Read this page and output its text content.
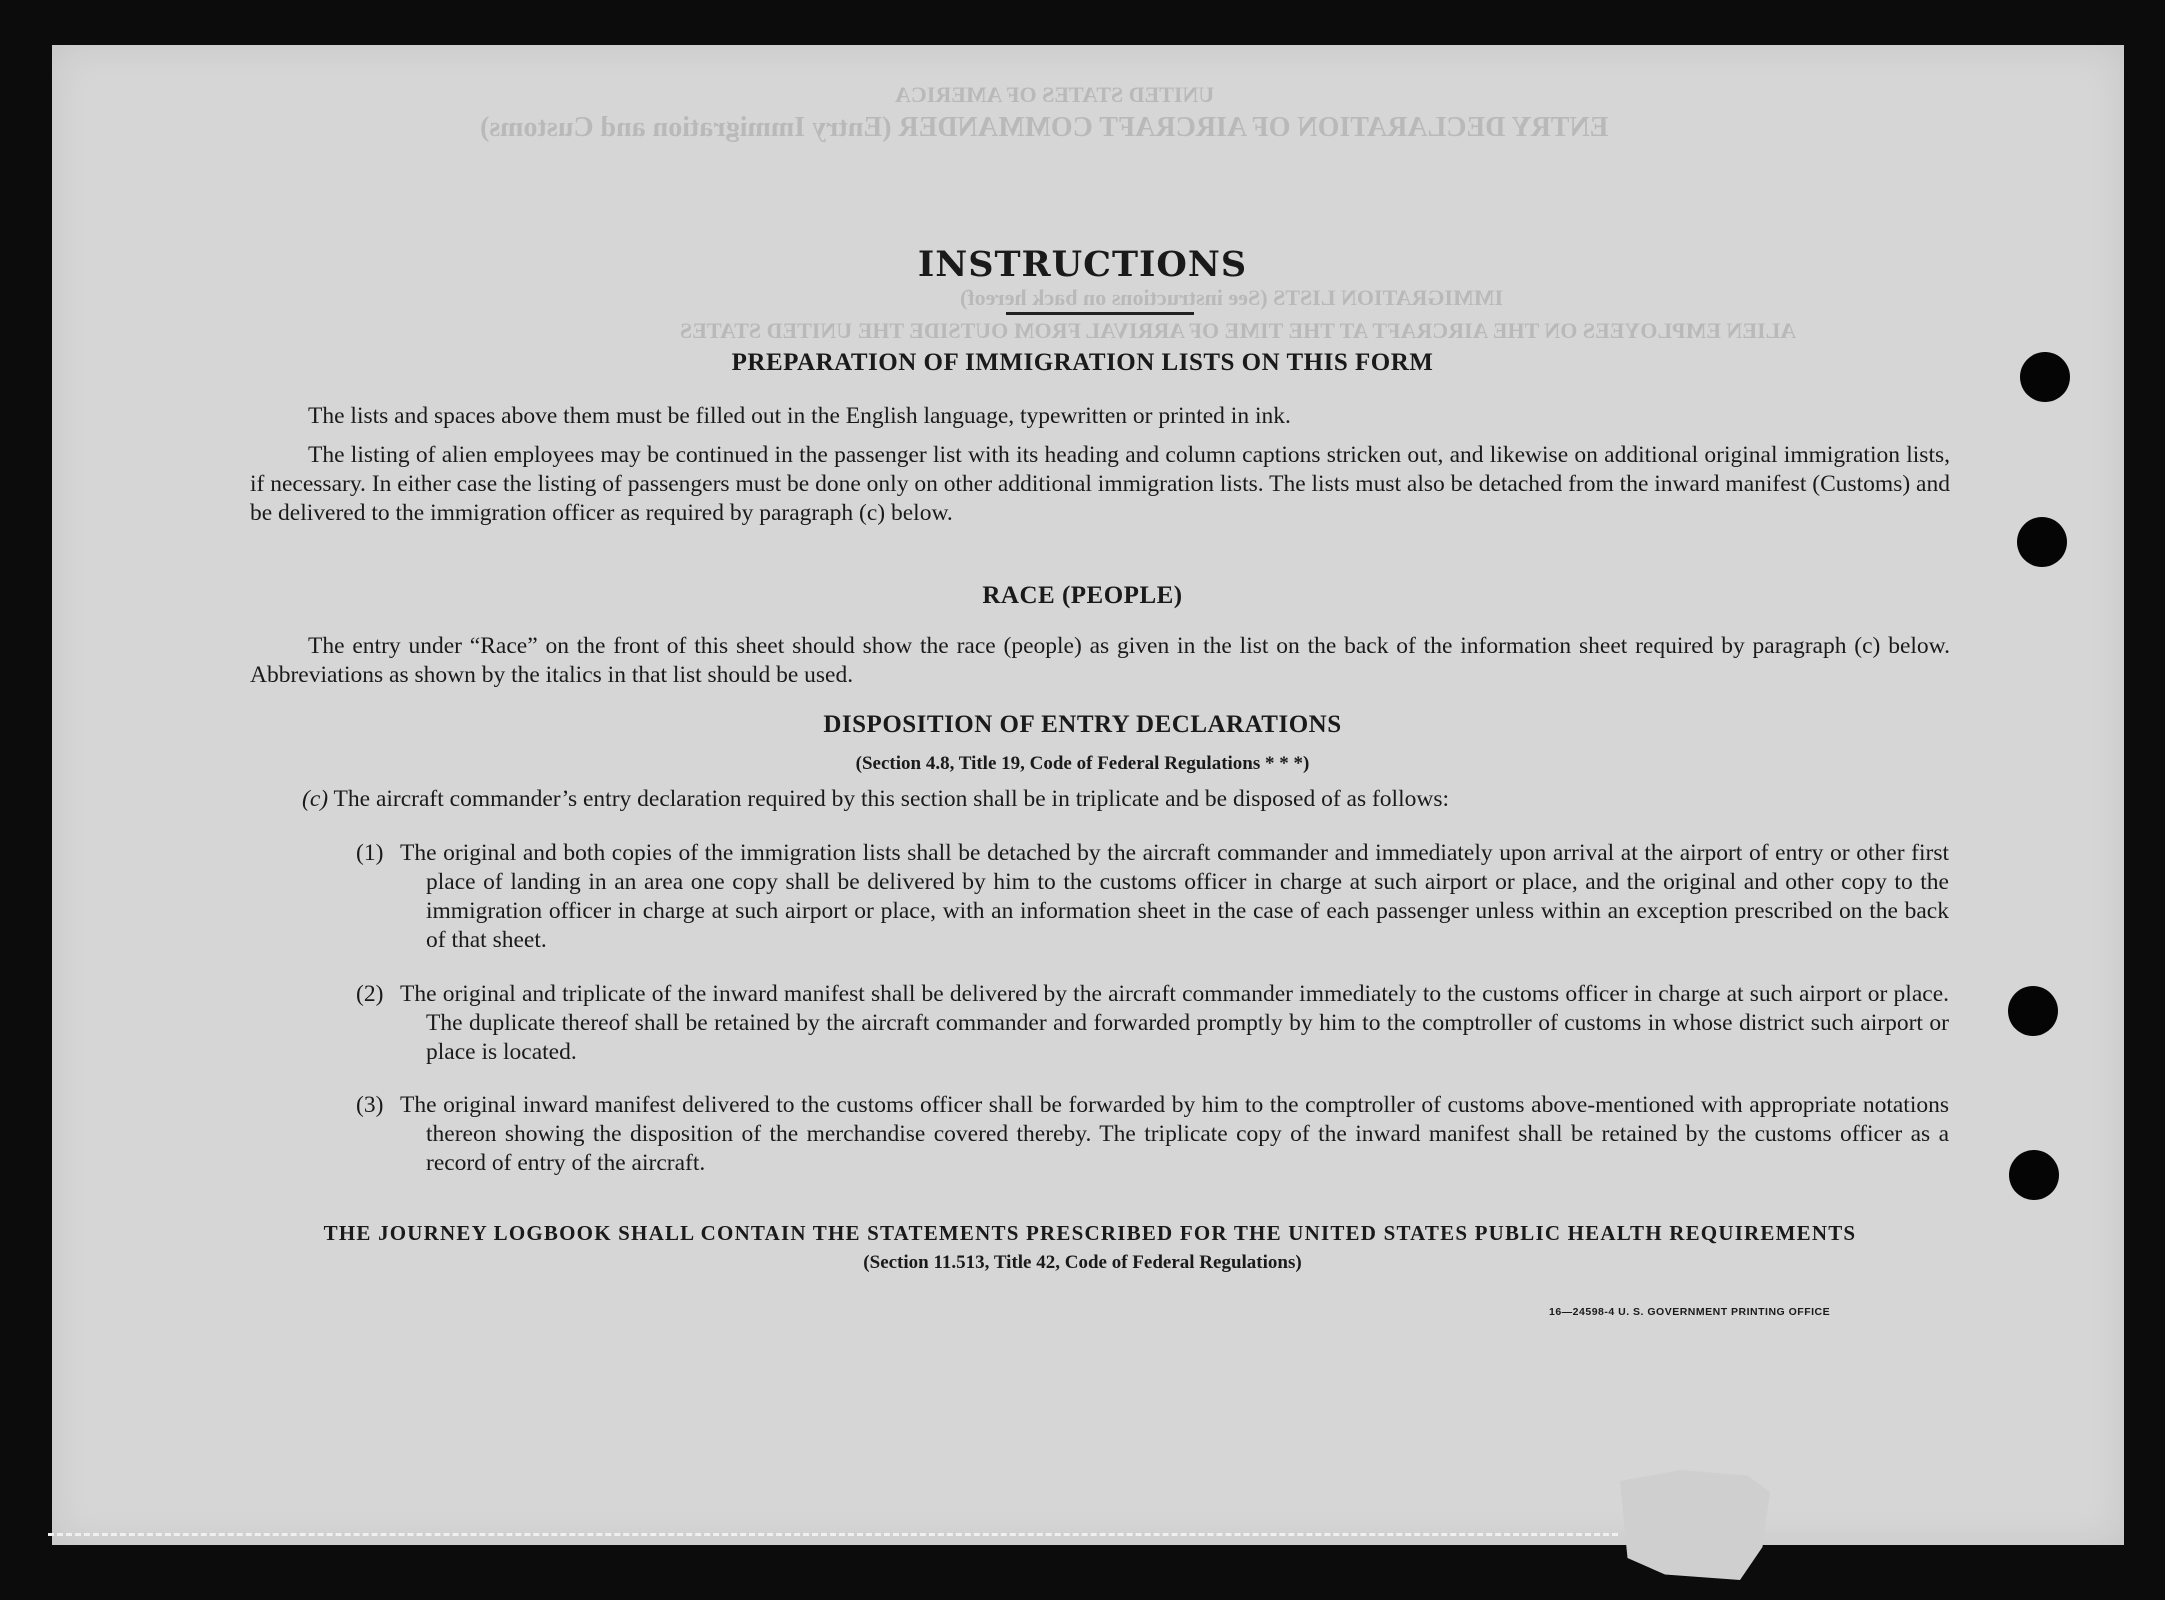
UNITED STATES OF AMERICA
ENTRY DECLARATION OF AIRCRAFT COMMANDER (Entry Immigration and Customs)
IMMIGRATION LISTS (See instructions on back hereof)
ALIEN EMPLOYEES ON THE AIRCRAFT AT THE TIME OF ARRIVAL FROM OUTSIDE THE UNITED STATES
INSTRUCTIONS
PREPARATION OF IMMIGRATION LISTS ON THIS FORM
The lists and spaces above them must be filled out in the English language, typewritten or printed in ink.
The listing of alien employees may be continued in the passenger list with its heading and column captions stricken out, and likewise on additional original immigration lists, if necessary. In either case the listing of passengers must be done only on other additional immigration lists. The lists must also be detached from the inward manifest (Customs) and be delivered to the immigration officer as required by paragraph (c) below.
RACE (PEOPLE)
The entry under “Race” on the front of this sheet should show the race (people) as given in the list on the back of the information sheet required by paragraph (c) below. Abbreviations as shown by the italics in that list should be used.
DISPOSITION OF ENTRY DECLARATIONS
(Section 4.8, Title 19, Code of Federal Regulations * * *)
(c) The aircraft commander’s entry declaration required by this section shall be in triplicate and be disposed of as follows:
(1) The original and both copies of the immigration lists shall be detached by the aircraft commander and immediately upon arrival at the airport of entry or other first place of landing in an area one copy shall be delivered by him to the customs officer in charge at such airport or place, and the original and other copy to the immigration officer in charge at such airport or place, with an information sheet in the case of each passenger unless within an exception prescribed on the back of that sheet.
(2) The original and triplicate of the inward manifest shall be delivered by the aircraft commander immediately to the customs officer in charge at such airport or place. The duplicate thereof shall be retained by the aircraft commander and forwarded promptly by him to the comptroller of customs in whose district such airport or place is located.
(3) The original inward manifest delivered to the customs officer shall be forwarded by him to the comptroller of customs above-mentioned with appropriate notations thereon showing the disposition of the merchandise covered thereby. The triplicate copy of the inward manifest shall be retained by the customs officer as a record of entry of the aircraft.
THE JOURNEY LOGBOOK SHALL CONTAIN THE STATEMENTS PRESCRIBED FOR THE UNITED STATES PUBLIC HEALTH REQUIREMENTS
(Section 11.513, Title 42, Code of Federal Regulations)
16—24598-4 U. S. GOVERNMENT PRINTING OFFICE
